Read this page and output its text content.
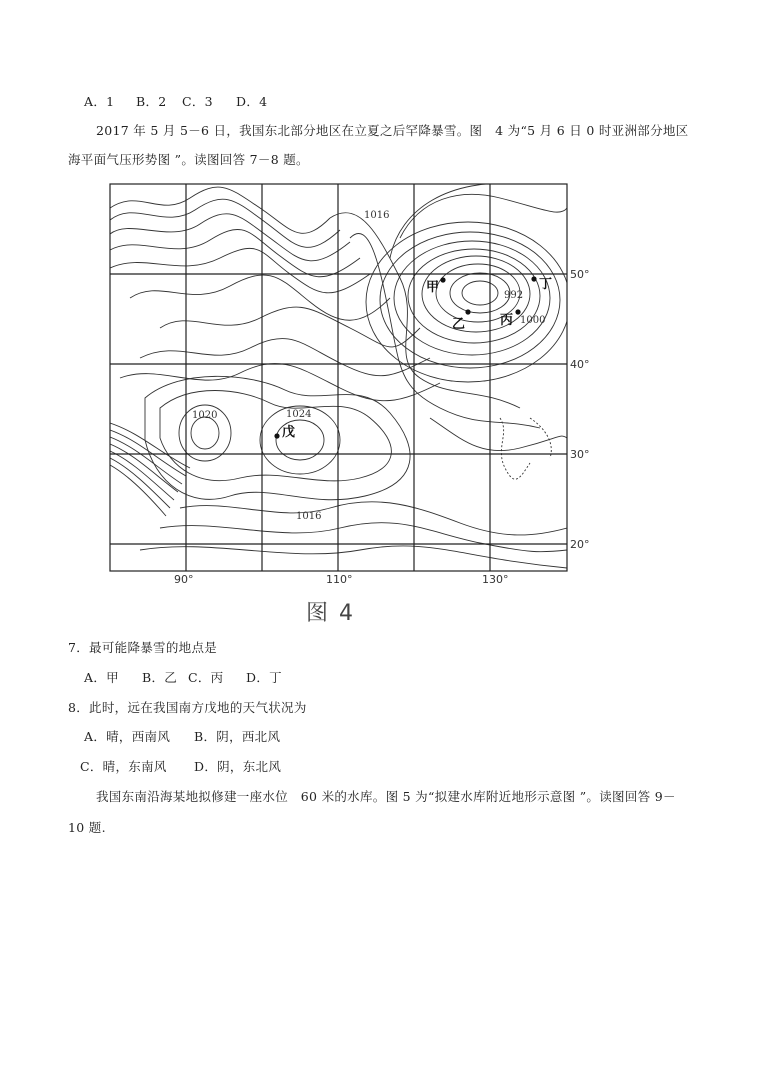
A．1 B．2 C．3 D．4
2017 年 5 月 5－6 日，我国东北部分地区在立夏之后罕降暴雪。图　4 为“5 月 6 日 0 时亚洲部分地区
海平面气压形势图 ”。读图回答 7－8 题。
50°
40°
30°
20°
90°	110°	130°
1016
1020	1024
1016
992
1000
甲
乙	丙
丁
戊
图 4
7．最可能降暴雪的地点是
A．甲 B．乙 C．丙 D．丁
8．此时，远在我国南方戊地的天气状况为
A．晴，西南风 B．阴，西北风
C．晴，东南风 D．阴，东北风
我国东南沿海某地拟修建一座水位　60 米的水库。图 5 为“拟建水库附近地形示意图 ”。读图回答 9－
10 题.
